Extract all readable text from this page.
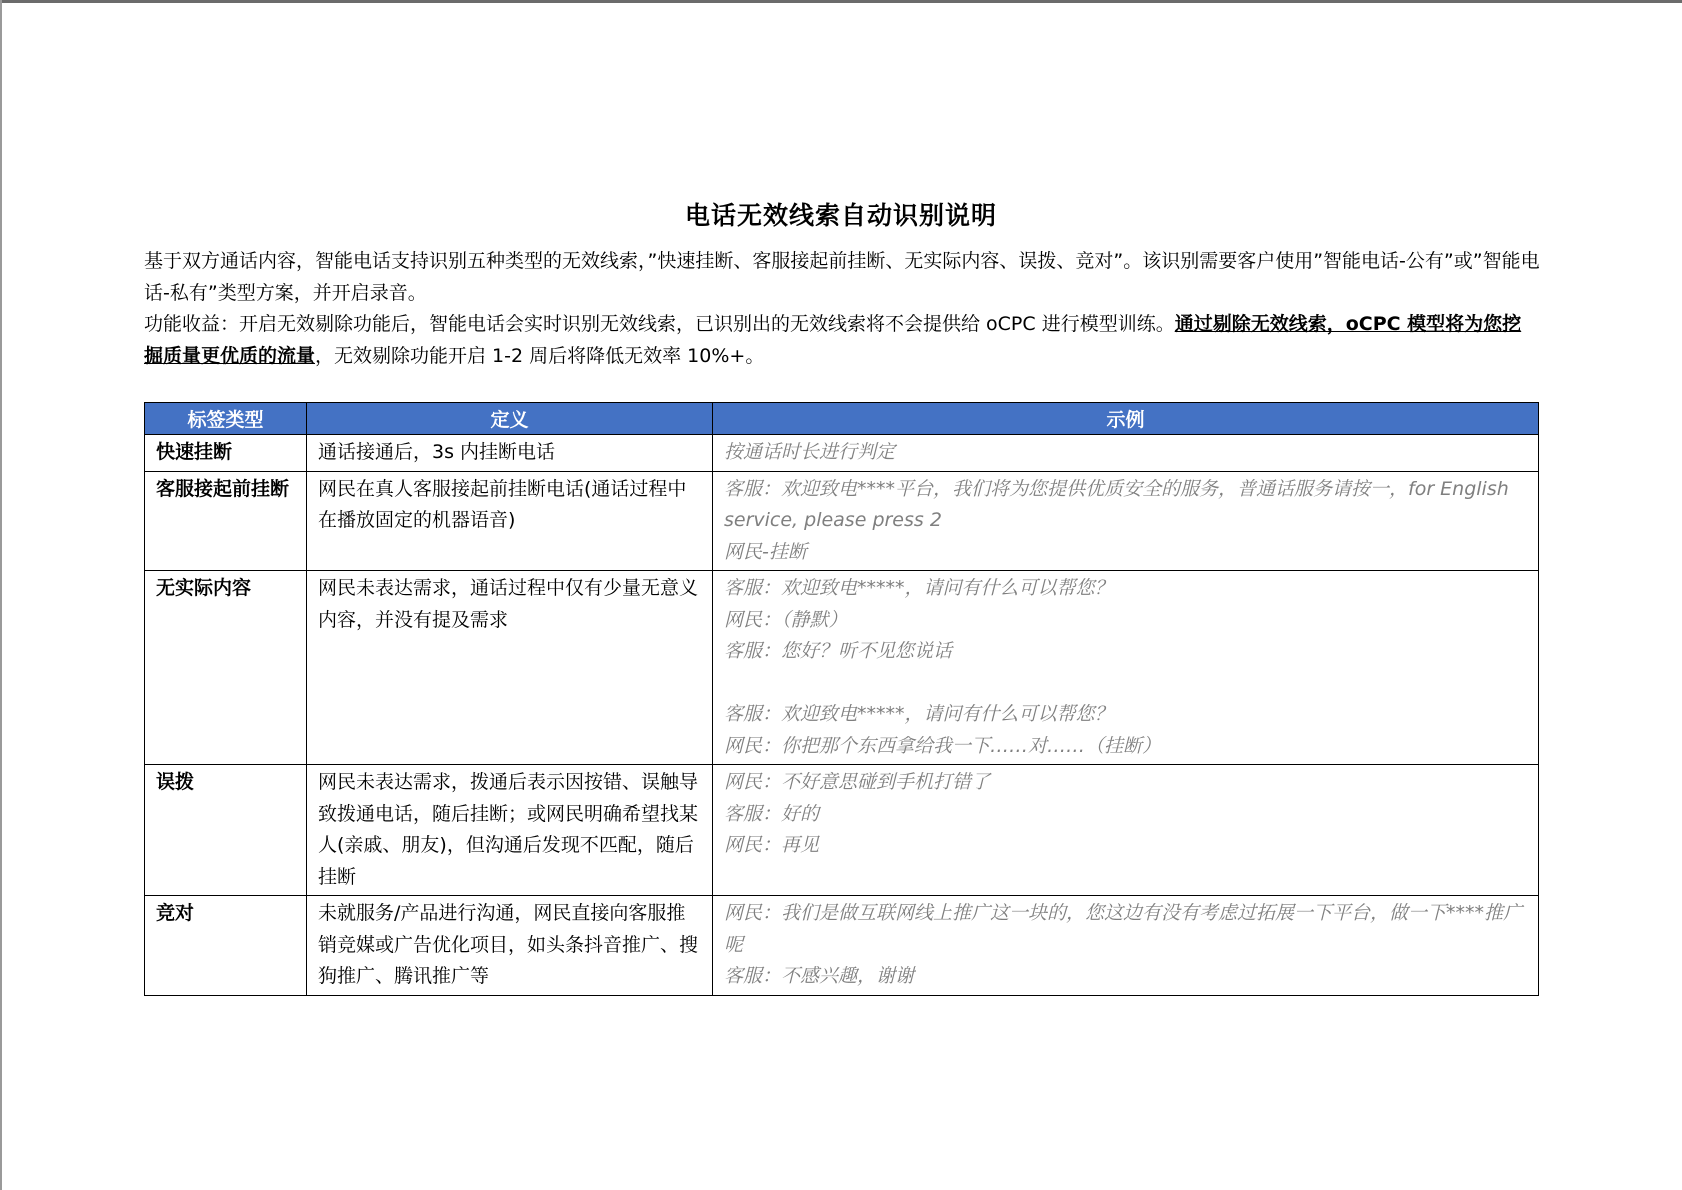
电话无效线索自动识别说明

基于双方通话内容，智能电话支持识别五种类型的无效线索，”快速挂断、客服接起前挂断、无实际内容、误拨、竞对”。该识别需要客户使用”智能电话-公有”或”智能电话-私有”类型方案，并开启录音。

功能收益：开启无效剔除功能后，智能电话会实时识别无效线索，已识别出的无效线索将不会提供给 oCPC 进行模型训练。通过剔除无效线索，oCPC 模型将为您挖掘质量更优质的流量，无效剔除功能开启 1-2 周后将降低无效率 10%+。

标签类型	定义	示例
快速挂断	通话接通后，3s 内挂断电话	按通话时长进行判定

客服接起前挂断	网民在真人客服接起前挂断电话(通话过程中在播放固定的机器语音)	客服：欢迎致电****平台，我们将为您提供优质安全的服务，普通话服务请按一，for English service, please press 2
网民-挂断

无实际内容	网民未表达需求，通话过程中仅有少量无意义内容，并没有提及需求	客服：欢迎致电*****，请问有什么可以帮您？
网民：（静默）
客服：您好？听不见您说话
客服：欢迎致电*****，请问有什么可以帮您？
网民：你把那个东西拿给我一下……对……（挂断）

误拨	网民未表达需求，拨通后表示因按错、误触导致拨通电话，随后挂断；或网民明确希望找某人(亲戚、朋友)，但沟通后发现不匹配，随后挂断	网民：不好意思碰到手机打错了
客服：好的
网民：再见

竞对	未就服务/产品进行沟通，网民直接向客服推销竞媒或广告优化项目，如头条抖音推广、搜狗推广、腾讯推广等	网民：我们是做互联网线上推广这一块的，您这边有没有考虑过拓展一下平台，做一下****推广呢
客服：不感兴趣，谢谢
